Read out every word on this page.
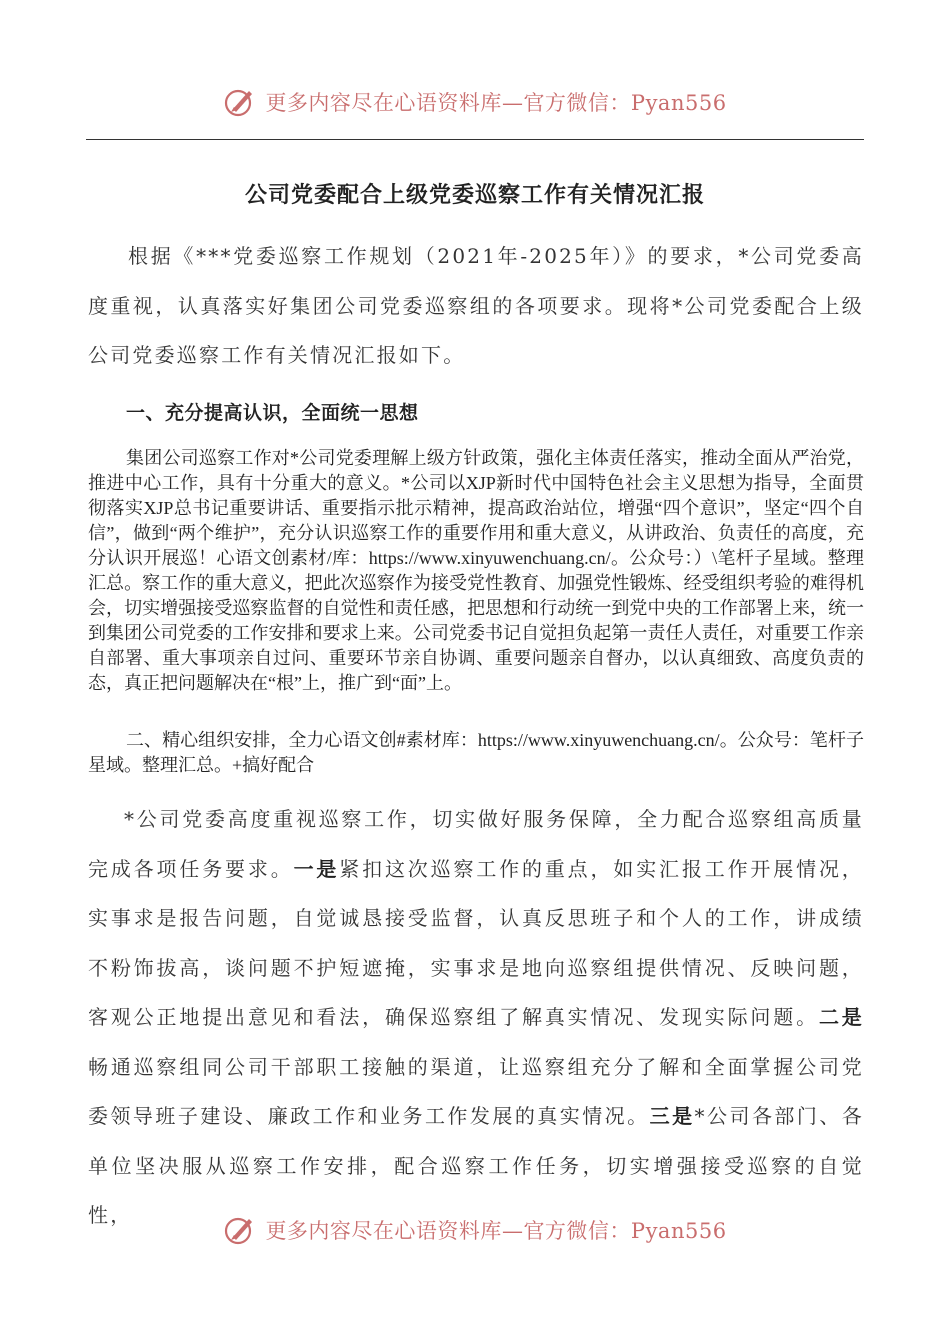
更多内容尽在心语资料库—官方微信：Pyan556
公司党委配合上级党委巡察工作有关情况汇报
根据《***党委巡察工作规划（2021年-2025年）》的要求，*公司党委高度重视，认真落实好集团公司党委巡察组的各项要求。现将*公司党委配合上级公司党委巡察工作有关情况汇报如下。
一、充分提高认识，全面统一思想
集团公司巡察工作对*公司党委理解上级方针政策，强化主体责任落实，推动全面从严治党，推进中心工作，具有十分重大的意义。*公司以XJP新时代中国特色社会主义思想为指导，全面贯彻落实XJP总书记重要讲话、重要指示批示精神，提高政治站位，增强“四个意识”，坚定“四个自信”，做到“两个维护”，充分认识巡察工作的重要作用和重大意义，从讲政治、负责任的高度，充分认识开展巡！心语文创素材/库：https://www.xinyuwenchuang.cn/。公众号：）\笔杆子星域。整理汇总。察工作的重大意义，把此次巡察作为接受党性教育、加强党性锻炼、经受组织考验的难得机会，切实增强接受巡察监督的自觉性和责任感，把思想和行动统一到党中央的工作部署上来，统一到集团公司党委的工作安排和要求上来。公司党委书记自觉担负起第一责任人责任，对重要工作亲自部署、重大事项亲自过问、重要环节亲自协调、重要问题亲自督办，以认真细致、高度负责的态，真正把问题解决在“根”上，推广到“面”上。
二、精心组织安排，全力心语文创#素材库：https://www.xinyuwenchuang.cn/。公众号：笔杆子星域。整理汇总。+搞好配合
*公司党委高度重视巡察工作，切实做好服务保障，全力配合巡察组高质量完成各项任务要求。一是紧扣这次巡察工作的重点，如实汇报工作开展情况，实事求是报告问题，自觉诚恳接受监督，认真反思班子和个人的工作，讲成绩不粉饰拔高，谈问题不护短遮掩，实事求是地向巡察组提供情况、反映问题，客观公正地提出意见和看法，确保巡察组了解真实情况、发现实际问题。二是畅通巡察组同公司干部职工接触的渠道，让巡察组充分了解和全面掌握公司党委领导班子建设、廉政工作和业务工作发展的真实情况。三是*公司各部门、各单位坚决服从巡察工作安排，配合巡察工作任务，切实增强接受巡察的自觉性，
更多内容尽在心语资料库—官方微信：Pyan556
